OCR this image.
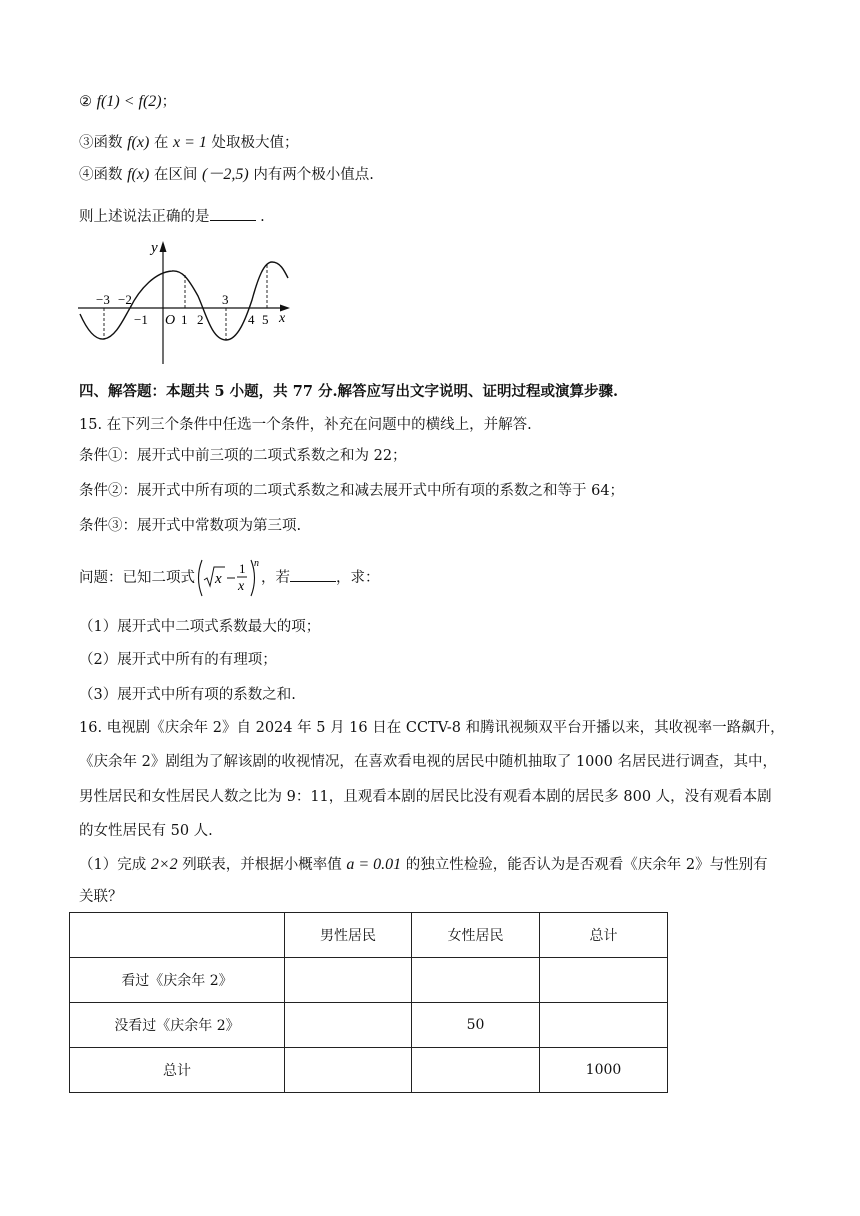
② f(1) < f(2)；
③函数 f(x) 在 x = 1 处取极大值；
④函数 f(x) 在区间 (－2,5) 内有两个极小值点.
则上述说法正确的是	.
y
x
O
−3 −2	3
−1	1 2	4 5
四、解答题：本题共 5 小题，共 77 分.解答应写出文字说明、证明过程或演算步骤.
15. 在下列三个条件中任选一个条件，补充在问题中的横线上，并解答.
条件①：展开式中前三项的二项式系数之和为 22；
条件②：展开式中所有项的二项式系数之和减去展开式中所有项的系数之和等于 64；
条件③：展开式中常数项为第三项.
问题：已知二项式 x
1
x
n
，若	，求：
（1）展开式中二项式系数最大的项；
（2）展开式中所有的有理项；
（3）展开式中所有项的系数之和.
16. 电视剧《庆余年 2》自 2024 年 5 月 16 日在 CCTV-8 和腾讯视频双平台开播以来，其收视率一路飙升，
《庆余年 2》剧组为了解该剧的收视情况，在喜欢看电视的居民中随机抽取了 1000 名居民进行调查，其中，
男性居民和女性居民人数之比为 9：11，且观看本剧的居民比没有观看本剧的居民多 800 人，没有观看本剧
的女性居民有 50 人.
（1）完成 2×2 列联表，并根据小概率值 a = 0.01 的独立性检验，能否认为是否观看《庆余年 2》与性别有
关联？
	男性居民	女性居民	总计
看过《庆余年 2》			
没看过《庆余年 2》		50	
总计			1000
